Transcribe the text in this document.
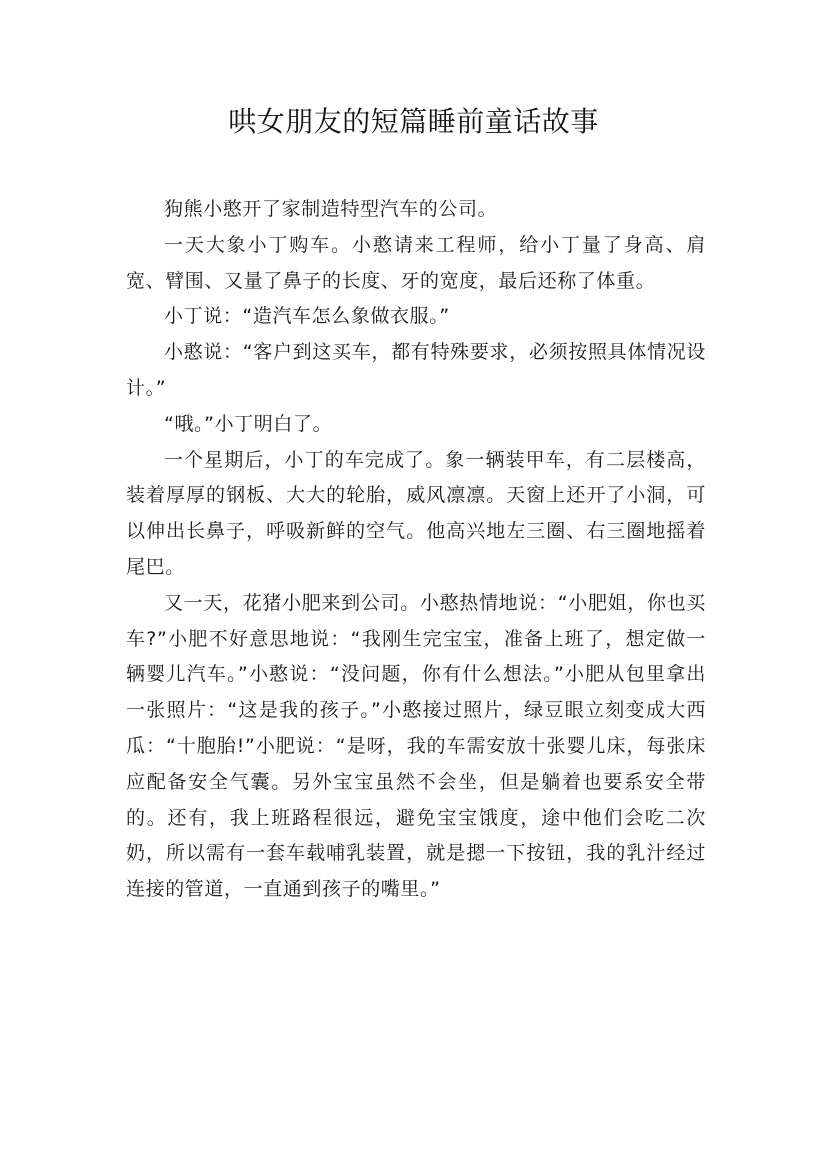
哄女朋友的短篇睡前童话故事

狗熊小憨开了家制造特型汽车的公司。

一天大象小丁购车。小憨请来工程师，给小丁量了身高、肩宽、臂围、又量了鼻子的长度、牙的宽度，最后还称了体重。

小丁说：“造汽车怎么象做衣服。”

小憨说：“客户到这买车，都有特殊要求，必须按照具体情况设计。”

“哦。”小丁明白了。

一个星期后，小丁的车完成了。象一辆装甲车，有二层楼高，装着厚厚的钢板、大大的轮胎，威风凛凛。天窗上还开了小洞，可以伸出长鼻子，呼吸新鲜的空气。他高兴地左三圈、右三圈地摇着尾巴。

又一天，花猪小肥来到公司。小憨热情地说：“小肥姐，你也买车?”小肥不好意思地说：“我刚生完宝宝，准备上班了，想定做一辆婴儿汽车。”小憨说：“没问题，你有什么想法。”小肥从包里拿出一张照片：“这是我的孩子。”小憨接过照片，绿豆眼立刻变成大西瓜：“十胞胎!”小肥说：“是呀，我的车需安放十张婴儿床，每张床应配备安全气囊。另外宝宝虽然不会坐，但是躺着也要系安全带的。还有，我上班路程很远，避免宝宝饿度，途中他们会吃二次奶，所以需有一套车载哺乳装置，就是摁一下按钮，我的乳汁经过连接的管道，一直通到孩子的嘴里。”
